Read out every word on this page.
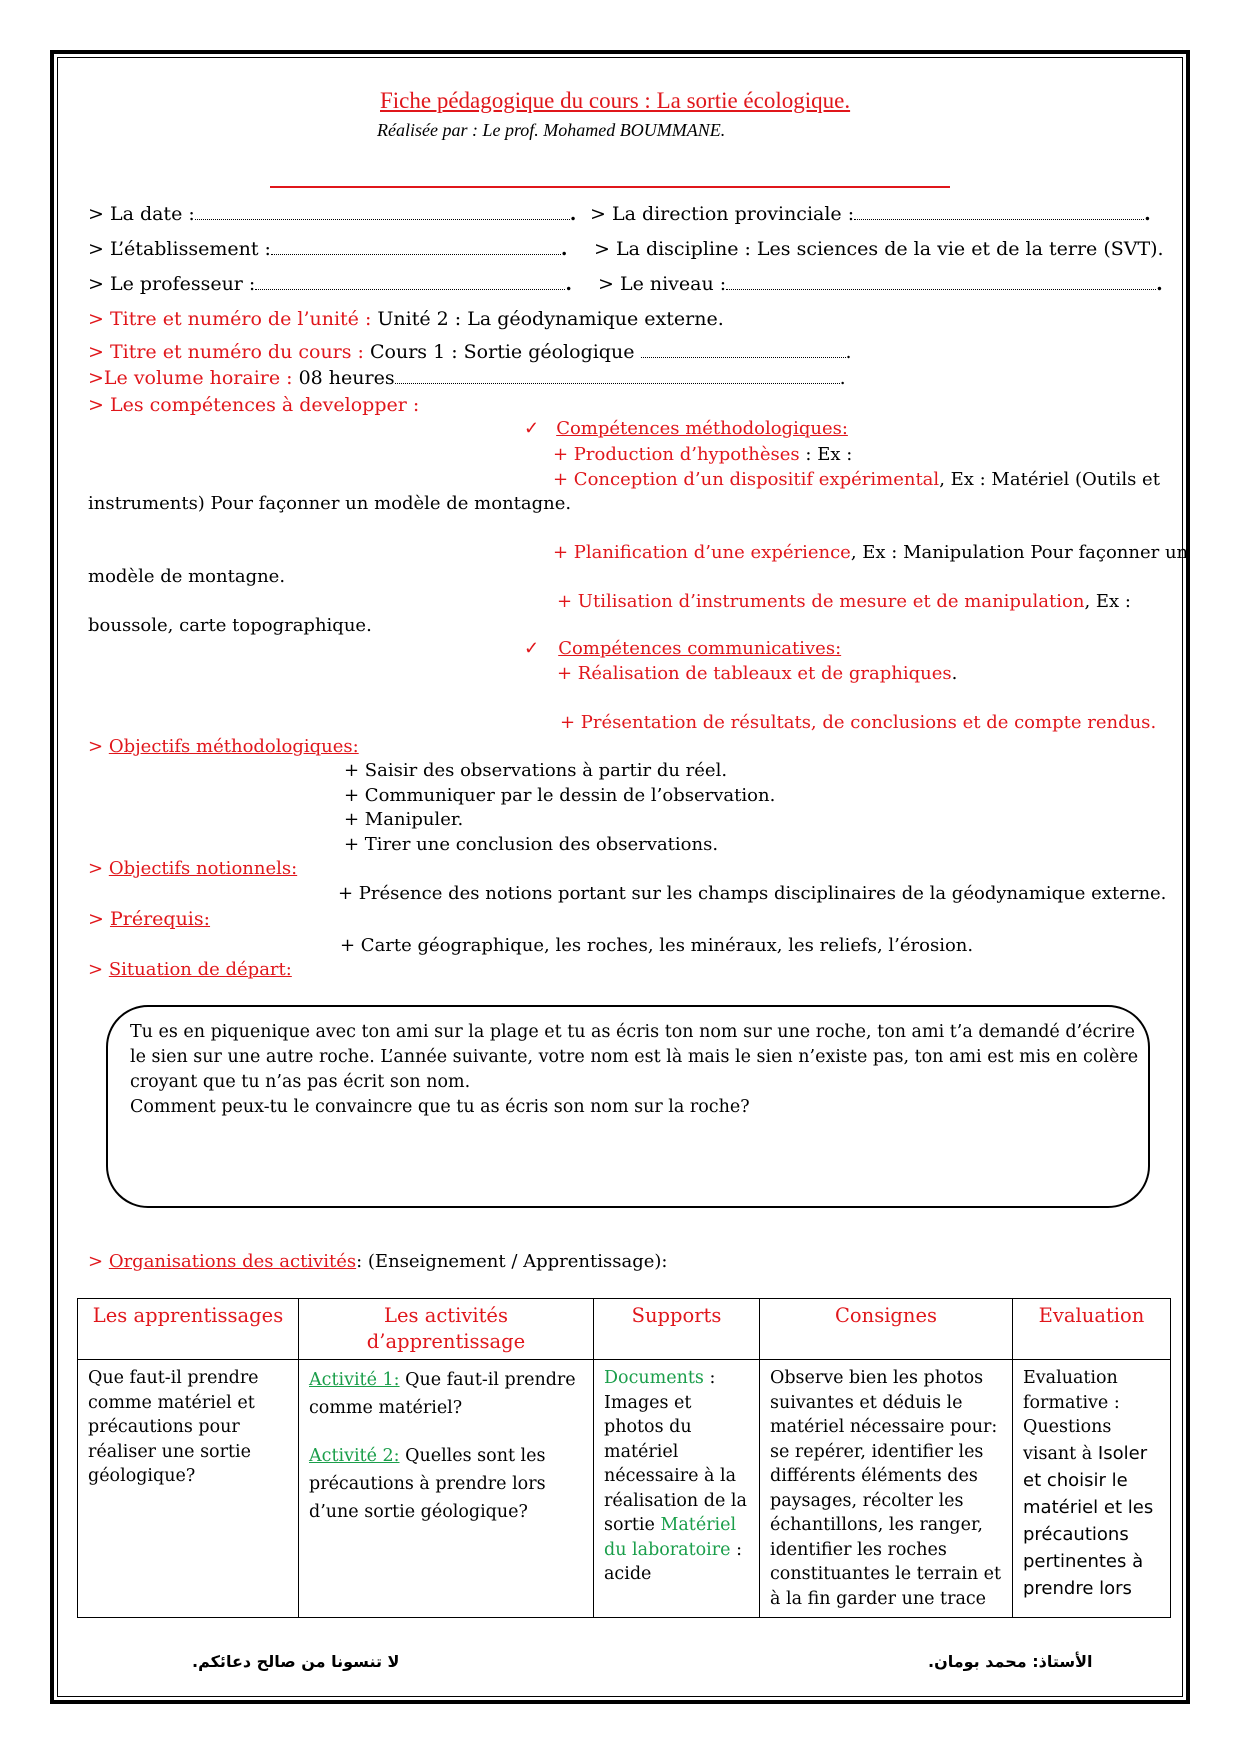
Fiche pédagogique du cours : La sortie écologique.
Réalisée par : Le prof. Mohamed BOUMMANE.
> La date :	. > La direction provinciale :	.
> L’établissement :	. > La discipline : Les sciences de la vie et de la terre (SVT).
> Le professeur :	. > Le niveau :	.
> Titre et numéro de l’unité : Unité 2 : La géodynamique externe.
> Titre et numéro du cours : Cours 1 : Sortie géologique	.
>Le volume horaire : 08 heures	.
> Les compétences à developper :
✓ Compétences méthodologiques:
+ Production d’hypothèses : Ex :
+ Conception d’un dispositif expérimental, Ex : Matériel (Outils et
instruments) Pour façonner un modèle de montagne.
+ Planification d’une expérience, Ex : Manipulation Pour façonner un
modèle de montagne.
+ Utilisation d’instruments de mesure et de manipulation, Ex :
boussole, carte topographique.
✓ Compétences communicatives:
+ Réalisation de tableaux et de graphiques.
+ Présentation de résultats, de conclusions et de compte rendus.
> Objectifs méthodologiques:
+ Saisir des observations à partir du réel.
+ Communiquer par le dessin de l’observation.
+ Manipuler.
+ Tirer une conclusion des observations.
> Objectifs notionnels:
+ Présence des notions portant sur les champs disciplinaires de la géodynamique externe.
> Prérequis:
+ Carte géographique, les roches, les minéraux, les reliefs, l’érosion.
> Situation de départ:
Tu es en piquenique avec ton ami sur la plage et tu as écris ton nom sur une roche, ton ami t’a demandé d’écrire
le sien sur une autre roche. L’année suivante, votre nom est là mais le sien n’existe pas, ton ami est mis en colère
croyant que tu n’as pas écrit son nom.
Comment peux-tu le convaincre que tu as écris son nom sur la roche?
> Organisations des activités: (Enseignement / Apprentissage):
Les apprentissages	Les activités d’apprentissage	Supports	Consignes	Evaluation
Que faut-il prendre comme matériel et précautions pour réaliser une sortie géologique?	Activité 1: Que faut-il prendre comme matériel?
Activité 2: Quelles sont les précautions à prendre lors d’une sortie géologique?	Documents : Images et photos du matériel nécessaire à la réalisation de la sortie Matériel du laboratoire : acide	Observe bien les photos suivantes et déduis le matériel nécessaire pour: se repérer, identifier les différents éléments des paysages, récolter les échantillons, les ranger, identifier les roches constituantes le terrain et à la fin garder une trace	Evaluation formative : Questions visant à Isoler et choisir le matériel et les précautions pertinentes à prendre lors
لا تنسونا من صالح دعائكم.	الأستاذ: محمد بومان.
